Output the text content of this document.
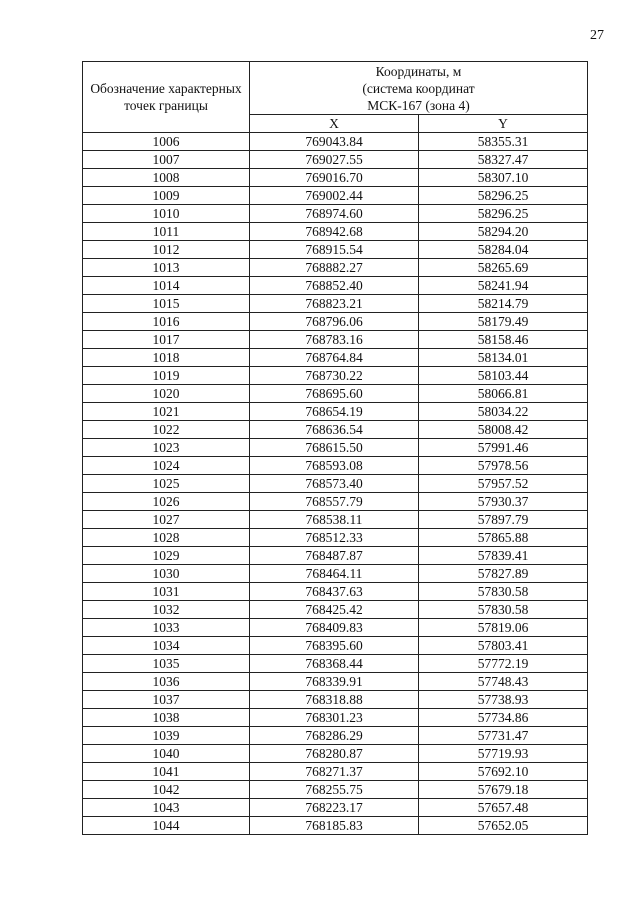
27
Обозначение характерных точек границы	Координаты, м
(система координат
МСК-167 (зона 4)	

	X	Y
1006	769043.84	58355.31
1007	769027.55	58327.47
1008	769016.70	58307.10
1009	769002.44	58296.25
1010	768974.60	58296.25
1011	768942.68	58294.20
1012	768915.54	58284.04
1013	768882.27	58265.69
1014	768852.40	58241.94
1015	768823.21	58214.79
1016	768796.06	58179.49
1017	768783.16	58158.46
1018	768764.84	58134.01
1019	768730.22	58103.44
1020	768695.60	58066.81
1021	768654.19	58034.22
1022	768636.54	58008.42
1023	768615.50	57991.46
1024	768593.08	57978.56
1025	768573.40	57957.52
1026	768557.79	57930.37
1027	768538.11	57897.79
1028	768512.33	57865.88
1029	768487.87	57839.41
1030	768464.11	57827.89
1031	768437.63	57830.58
1032	768425.42	57830.58
1033	768409.83	57819.06
1034	768395.60	57803.41
1035	768368.44	57772.19
1036	768339.91	57748.43
1037	768318.88	57738.93
1038	768301.23	57734.86
1039	768286.29	57731.47
1040	768280.87	57719.93
1041	768271.37	57692.10
1042	768255.75	57679.18
1043	768223.17	57657.48
1044	768185.83	57652.05
